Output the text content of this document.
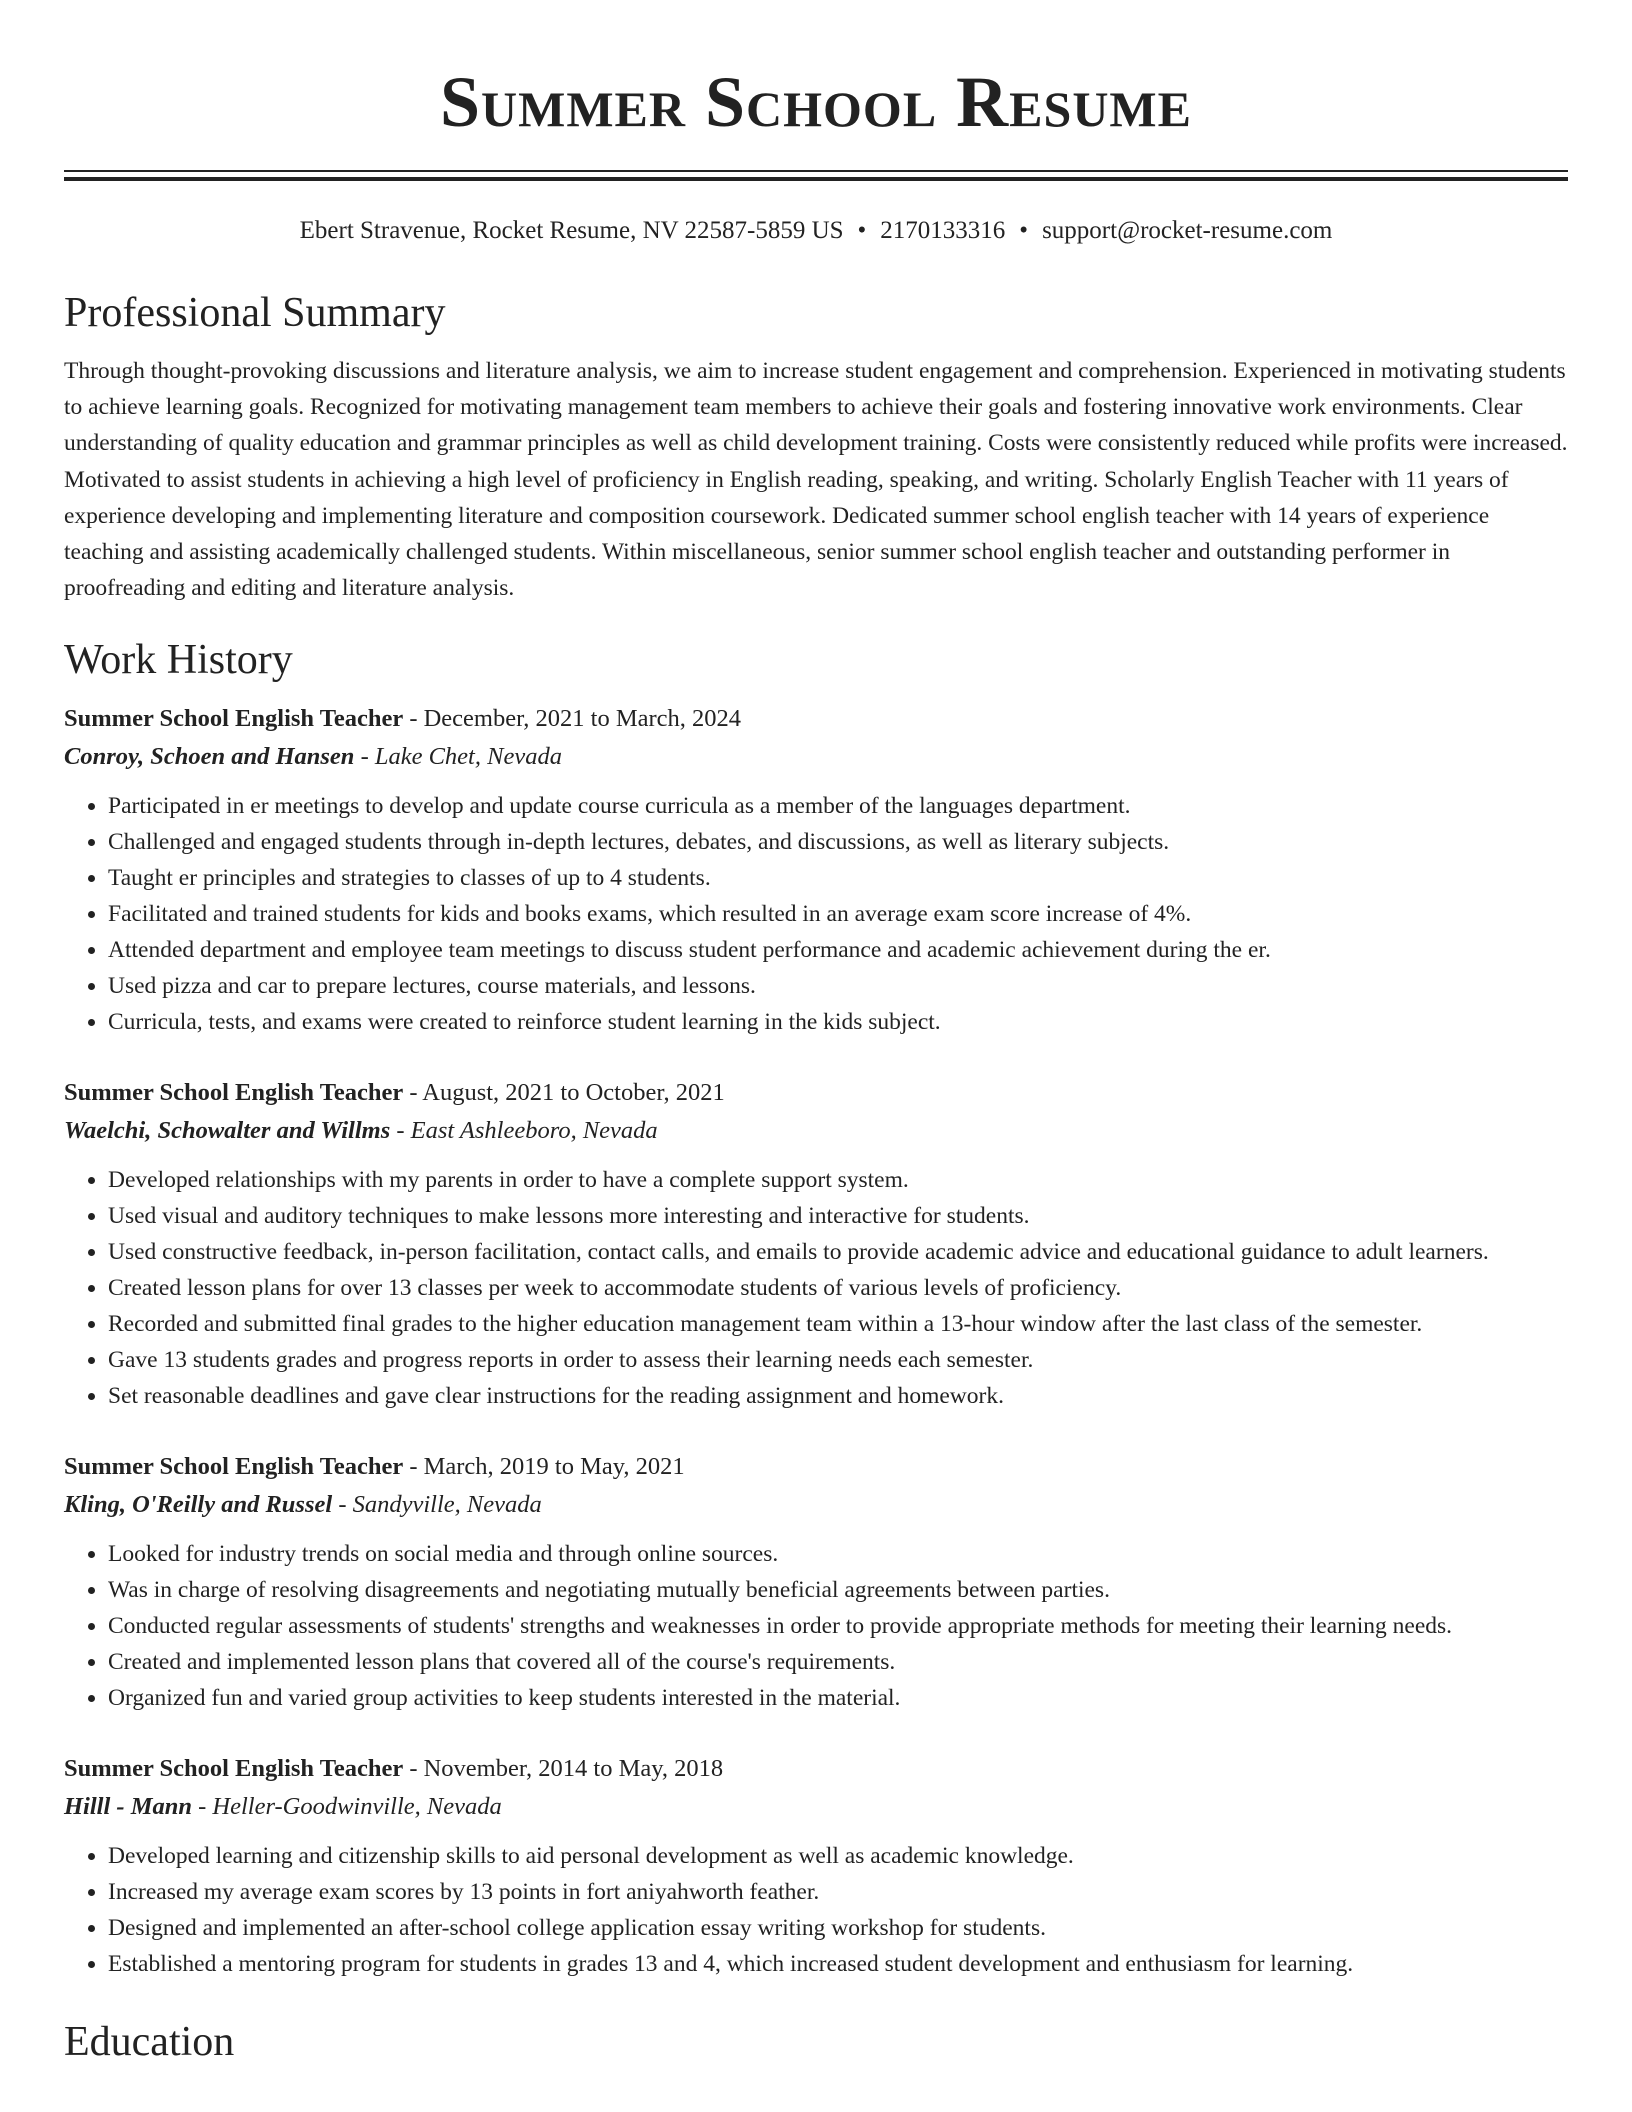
Summer School Resume
Ebert Stravenue, Rocket Resume, NV 22587-5859 US • 2170133316 • support@rocket-resume.com
Professional Summary

Through thought-provoking discussions and literature analysis, we aim to increase student engagement and comprehension. Experienced in motivating students to achieve learning goals. Recognized for motivating management team members to achieve their goals and fostering innovative work environments. Clear understanding of quality education and grammar principles as well as child development training. Costs were consistently reduced while profits were increased. Motivated to assist students in achieving a high level of proficiency in English reading, speaking, and writing. Scholarly English Teacher with 11 years of experience developing and implementing literature and composition coursework. Dedicated summer school english teacher with 14 years of experience teaching and assisting academically challenged students. Within miscellaneous, senior summer school english teacher and outstanding performer in proofreading and editing and literature analysis.

Work History
Summer School English Teacher - December, 2021 to March, 2024
Conroy, Schoen and Hansen - Lake Chet, Nevada
• Participated in er meetings to develop and update course curricula as a member of the languages department.
• Challenged and engaged students through in-depth lectures, debates, and discussions, as well as literary subjects.
• Taught er principles and strategies to classes of up to 4 students.
• Facilitated and trained students for kids and books exams, which resulted in an average exam score increase of 4%.
• Attended department and employee team meetings to discuss student performance and academic achievement during the er.
• Used pizza and car to prepare lectures, course materials, and lessons.
• Curricula, tests, and exams were created to reinforce student learning in the kids subject.
Summer School English Teacher - August, 2021 to October, 2021
Waelchi, Schowalter and Willms - East Ashleeboro, Nevada
• Developed relationships with my parents in order to have a complete support system.
• Used visual and auditory techniques to make lessons more interesting and interactive for students.
• Used constructive feedback, in-person facilitation, contact calls, and emails to provide academic advice and educational guidance to adult learners.
• Created lesson plans for over 13 classes per week to accommodate students of various levels of proficiency.
• Recorded and submitted final grades to the higher education management team within a 13-hour window after the last class of the semester.
• Gave 13 students grades and progress reports in order to assess their learning needs each semester.
• Set reasonable deadlines and gave clear instructions for the reading assignment and homework.
Summer School English Teacher - March, 2019 to May, 2021
Kling, O'Reilly and Russel - Sandyville, Nevada
• Looked for industry trends on social media and through online sources.
• Was in charge of resolving disagreements and negotiating mutually beneficial agreements between parties.
• Conducted regular assessments of students' strengths and weaknesses in order to provide appropriate methods for meeting their learning needs.
• Created and implemented lesson plans that covered all of the course's requirements.
• Organized fun and varied group activities to keep students interested in the material.
Summer School English Teacher - November, 2014 to May, 2018
Hilll - Mann - Heller-Goodwinville, Nevada
• Developed learning and citizenship skills to aid personal development as well as academic knowledge.
• Increased my average exam scores by 13 points in fort aniyahworth feather.
• Designed and implemented an after-school college application essay writing workshop for students.
• Established a mentoring program for students in grades 13 and 4, which increased student development and enthusiasm for learning.
Education
